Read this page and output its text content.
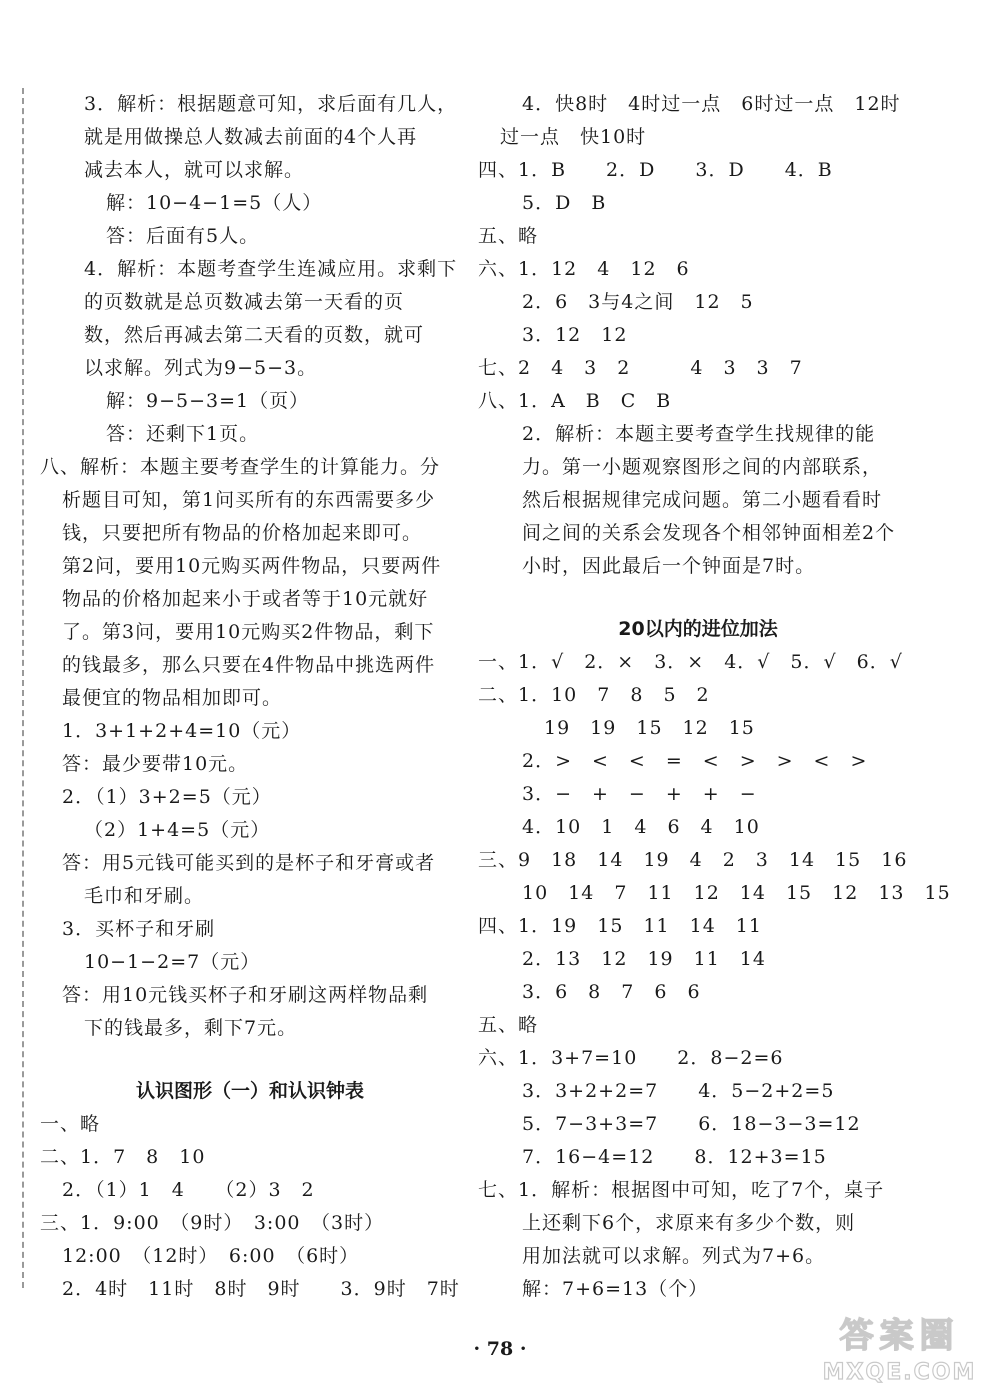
3．解析：根据题意可知，求后面有几人，
就是用做操总人数减去前面的4个人再
减去本人，就可以求解。
解：10−4−1=5（人）
答：后面有5人。
4．解析：本题考查学生连减应用。求剩下
的页数就是总页数减去第一天看的页
数，然后再减去第二天看的页数，就可
以求解。列式为9−5−3。
解：9−5−3=1（页）
答：还剩下1页。
八、解析：本题主要考查学生的计算能力。分
析题目可知，第1问买所有的东西需要多少
钱，只要把所有物品的价格加起来即可。
第2问，要用10元购买两件物品，只要两件
物品的价格加起来小于或者等于10元就好
了。第3问，要用10元购买2件物品，剩下
的钱最多，那么只要在4件物品中挑选两件
最便宜的物品相加即可。
1．3+1+2+4=10（元）
答：最少要带10元。
2．（1）3+2=5（元）
（2）1+4=5（元）
答：用5元钱可能买到的是杯子和牙膏或者
毛巾和牙刷。
3．买杯子和牙刷
10−1−2=7（元）
答：用10元钱买杯子和牙刷这两样物品剩
下的钱最多，剩下7元。
认识图形（一）和认识钟表
一、略
二、1．7　8　10
2．（1）1　4　　（2）3　2
三、1．9:00　（9时）　3:00　（3时）
12:00　（12时）　6:00　（6时）
2．4时　11时　8时　9时　　3．9时　7时
4．快8时　4时过一点　6时过一点　12时
过一点　快10时
四、1．B　　2．D　　3．D　　4．B
5．D　B
五、略
六、1．12　4　12　6
2．6　3与4之间　12　5
3．12　12
七、2　4　3　2　　　4　3　3　7
八、1．A　B　C　B
2．解析：本题主要考查学生找规律的能
力。第一小题观察图形之间的内部联系，
然后根据规律完成问题。第二小题看看时
间之间的关系会发现各个相邻钟面相差2个
小时，因此最后一个钟面是7时。
20以内的进位加法
一、1．√　2．×　3．×　4．√　5．√　6．√
二、1．10　7　8　5　2
19　19　15　12　15
2．>　<　<　=　<　>　>　<　>
3．−　+　−　+　+　−
4．10　1　4　6　4　10
三、9　18　14　19　4　2　3　14　15　16
10　14　7　11　12　14　15　12　13　15
四、1．19　15　11　14　11
2．13　12　19　11　14
3．6　8　7　6　6
五、略
六、1．3+7=10　　2．8−2=6
3．3+2+2=7　　4．5−2+2=5
5．7−3+3=7　　6．18−3−3=12
7．16−4=12　　8．12+3=15
七、1．解析：根据图中可知，吃了7个，桌子
上还剩下6个，求原来有多少个数，则
用加法就可以求解。列式为7+6。
解：7+6=13（个）
· 78 ·	答案圈
MXQE.COM
